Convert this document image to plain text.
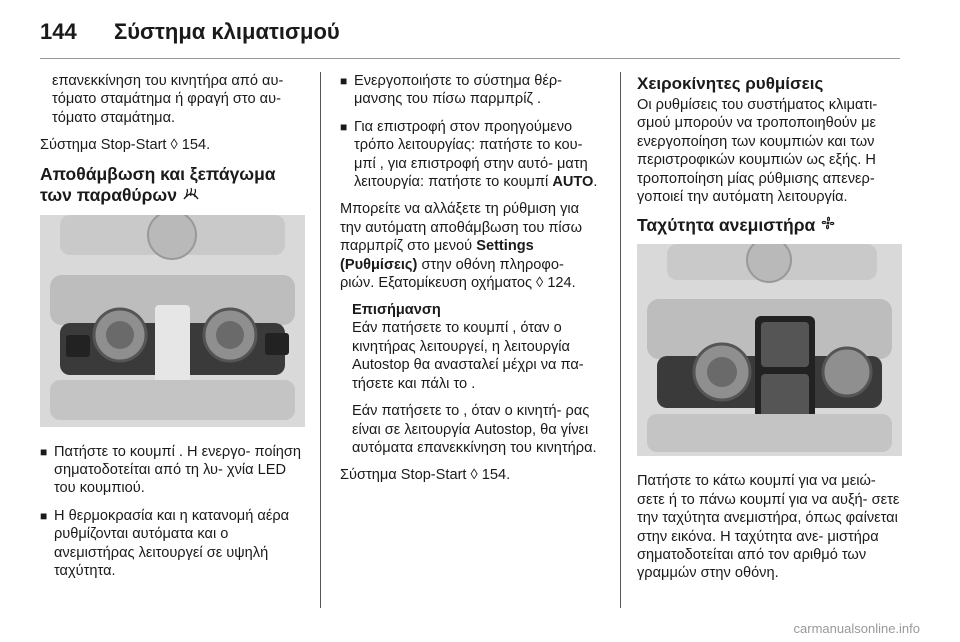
144	Σύστημα κλιματισμού

επανεκκίνηση του κινητήρα από αυ- τόματο σταμάτημα ή φραγή στο αυ- τόματο σταμάτημα.

Σύστημα Stop-Start ◊ 154.

Αποθάμβωση και ξεπάγωμα των παραθύρων
■ Πατήστε το κουμπί . Η ενεργο- ποίηση σηματοδοτείται από τη λυ- χνία LED του κουμπιού.
■ Η θερμοκρασία και η κατανομή αέρα ρυθμίζονται αυτόματα και ο ανεμιστήρας λειτουργεί σε υψηλή ταχύτητα.
■ Ενεργοποιήστε το σύστημα θέρ- μανσης του πίσω παρμπρίζ .
■ Για επιστροφή στον προηγούμενο τρόπο λειτουργίας: πατήστε το κου- μπί , για επιστροφή στην αυτό- ματη λειτουργία: πατήστε το κουμπί AUTO.

Μπορείτε να αλλάξετε τη ρύθμιση για την αυτόματη αποθάμβωση του πίσω παρμπρίζ στο μενού Settings (Ρυθμίσεις) στην οθόνη πληροφο- ριών. Εξατομίκευση οχήματος ◊ 124.

Επισήμανση

Εάν πατήσετε το κουμπί , όταν ο κινητήρας λειτουργεί, η λειτουργία Autostop θα ανασταλεί μέχρι να πα- τήσετε και πάλι το .

Εάν πατήσετε το , όταν ο κινητή- ρας είναι σε λειτουργία Autostop, θα γίνει αυτόματα επανεκκίνηση του κινητήρα.

Σύστημα Stop-Start ◊ 154.

Χειροκίνητες ρυθμίσεις

Οι ρυθμίσεις του συστήματος κλιματι- σμού μπορούν να τροποποιηθούν με ενεργοποίηση των κουμπιών και των περιστροφικών κουμπιών ως εξής. Η τροποποίηση μίας ρύθμισης απενερ- γοποιεί την αυτόματη λειτουργία.

Ταχύτητα ανεμιστήρα

Πατήστε το κάτω κουμπί για να μειώ- σετε ή το πάνω κουμπί για να αυξή- σετε την ταχύτητα ανεμιστήρα, όπως φαίνεται στην εικόνα. Η ταχύτητα ανε- μιστήρα σηματοδοτείται από τον αριθμό των γραμμών στην οθόνη.

carmanualsonline.info
